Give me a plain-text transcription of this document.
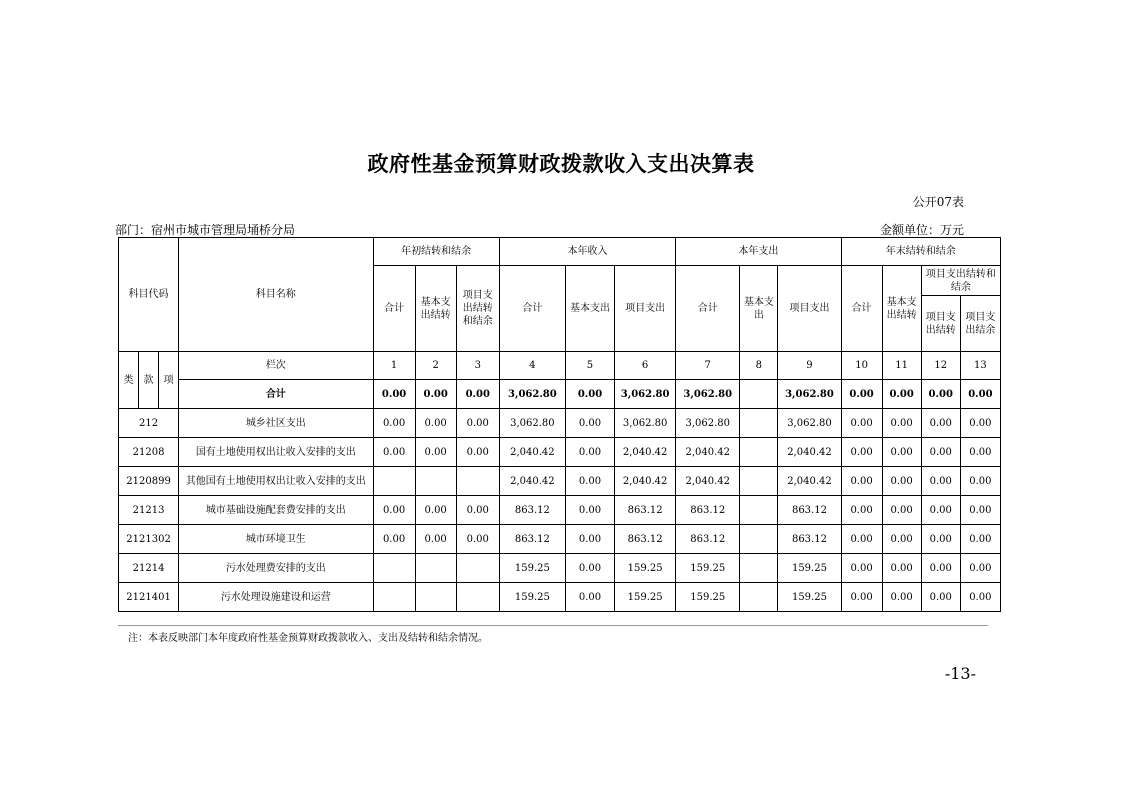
政府性基金预算财政拨款收入支出决算表
公开07表
部门：宿州市城市管理局埇桥分局	金额单位：万元
科目代码			科目名称	年初结转和结余			本年收入			本年支出			年末结转和结余			
				合计	基本支出结转	项目支出结转和结余	合计	基本支出	项目支出	合计	基本支出	项目支出	合计	基本支出结转	项目支出结转和结余	
															项目支出结转	项目支出结余
类	款	项	栏次	1	2	3	4	5	6	7	8	9	10	11	12	13
			合计	0.00	0.00	0.00	3,062.80	0.00	3,062.80	3,062.80		3,062.80	0.00	0.00	0.00	0.00
212			城乡社区支出	0.00	0.00	0.00	3,062.80	0.00	3,062.80	3,062.80		3,062.80	0.00	0.00	0.00	0.00
21208			国有土地使用权出让收入安排的支出	0.00	0.00	0.00	2,040.42	0.00	2,040.42	2,040.42		2,040.42	0.00	0.00	0.00	0.00
2120899			其他国有土地使用权出让收入安排的支出				2,040.42	0.00	2,040.42	2,040.42		2,040.42	0.00	0.00	0.00	0.00
21213			城市基础设施配套费安排的支出	0.00	0.00	0.00	863.12	0.00	863.12	863.12		863.12	0.00	0.00	0.00	0.00
2121302			城市环境卫生	0.00	0.00	0.00	863.12	0.00	863.12	863.12		863.12	0.00	0.00	0.00	0.00
21214			污水处理费安排的支出				159.25	0.00	159.25	159.25		159.25	0.00	0.00	0.00	0.00
2121401			污水处理设施建设和运营				159.25	0.00	159.25	159.25		159.25	0.00	0.00	0.00	0.00
注：本表反映部门本年度政府性基金预算财政拨款收入、支出及结转和结余情况。
-13-
